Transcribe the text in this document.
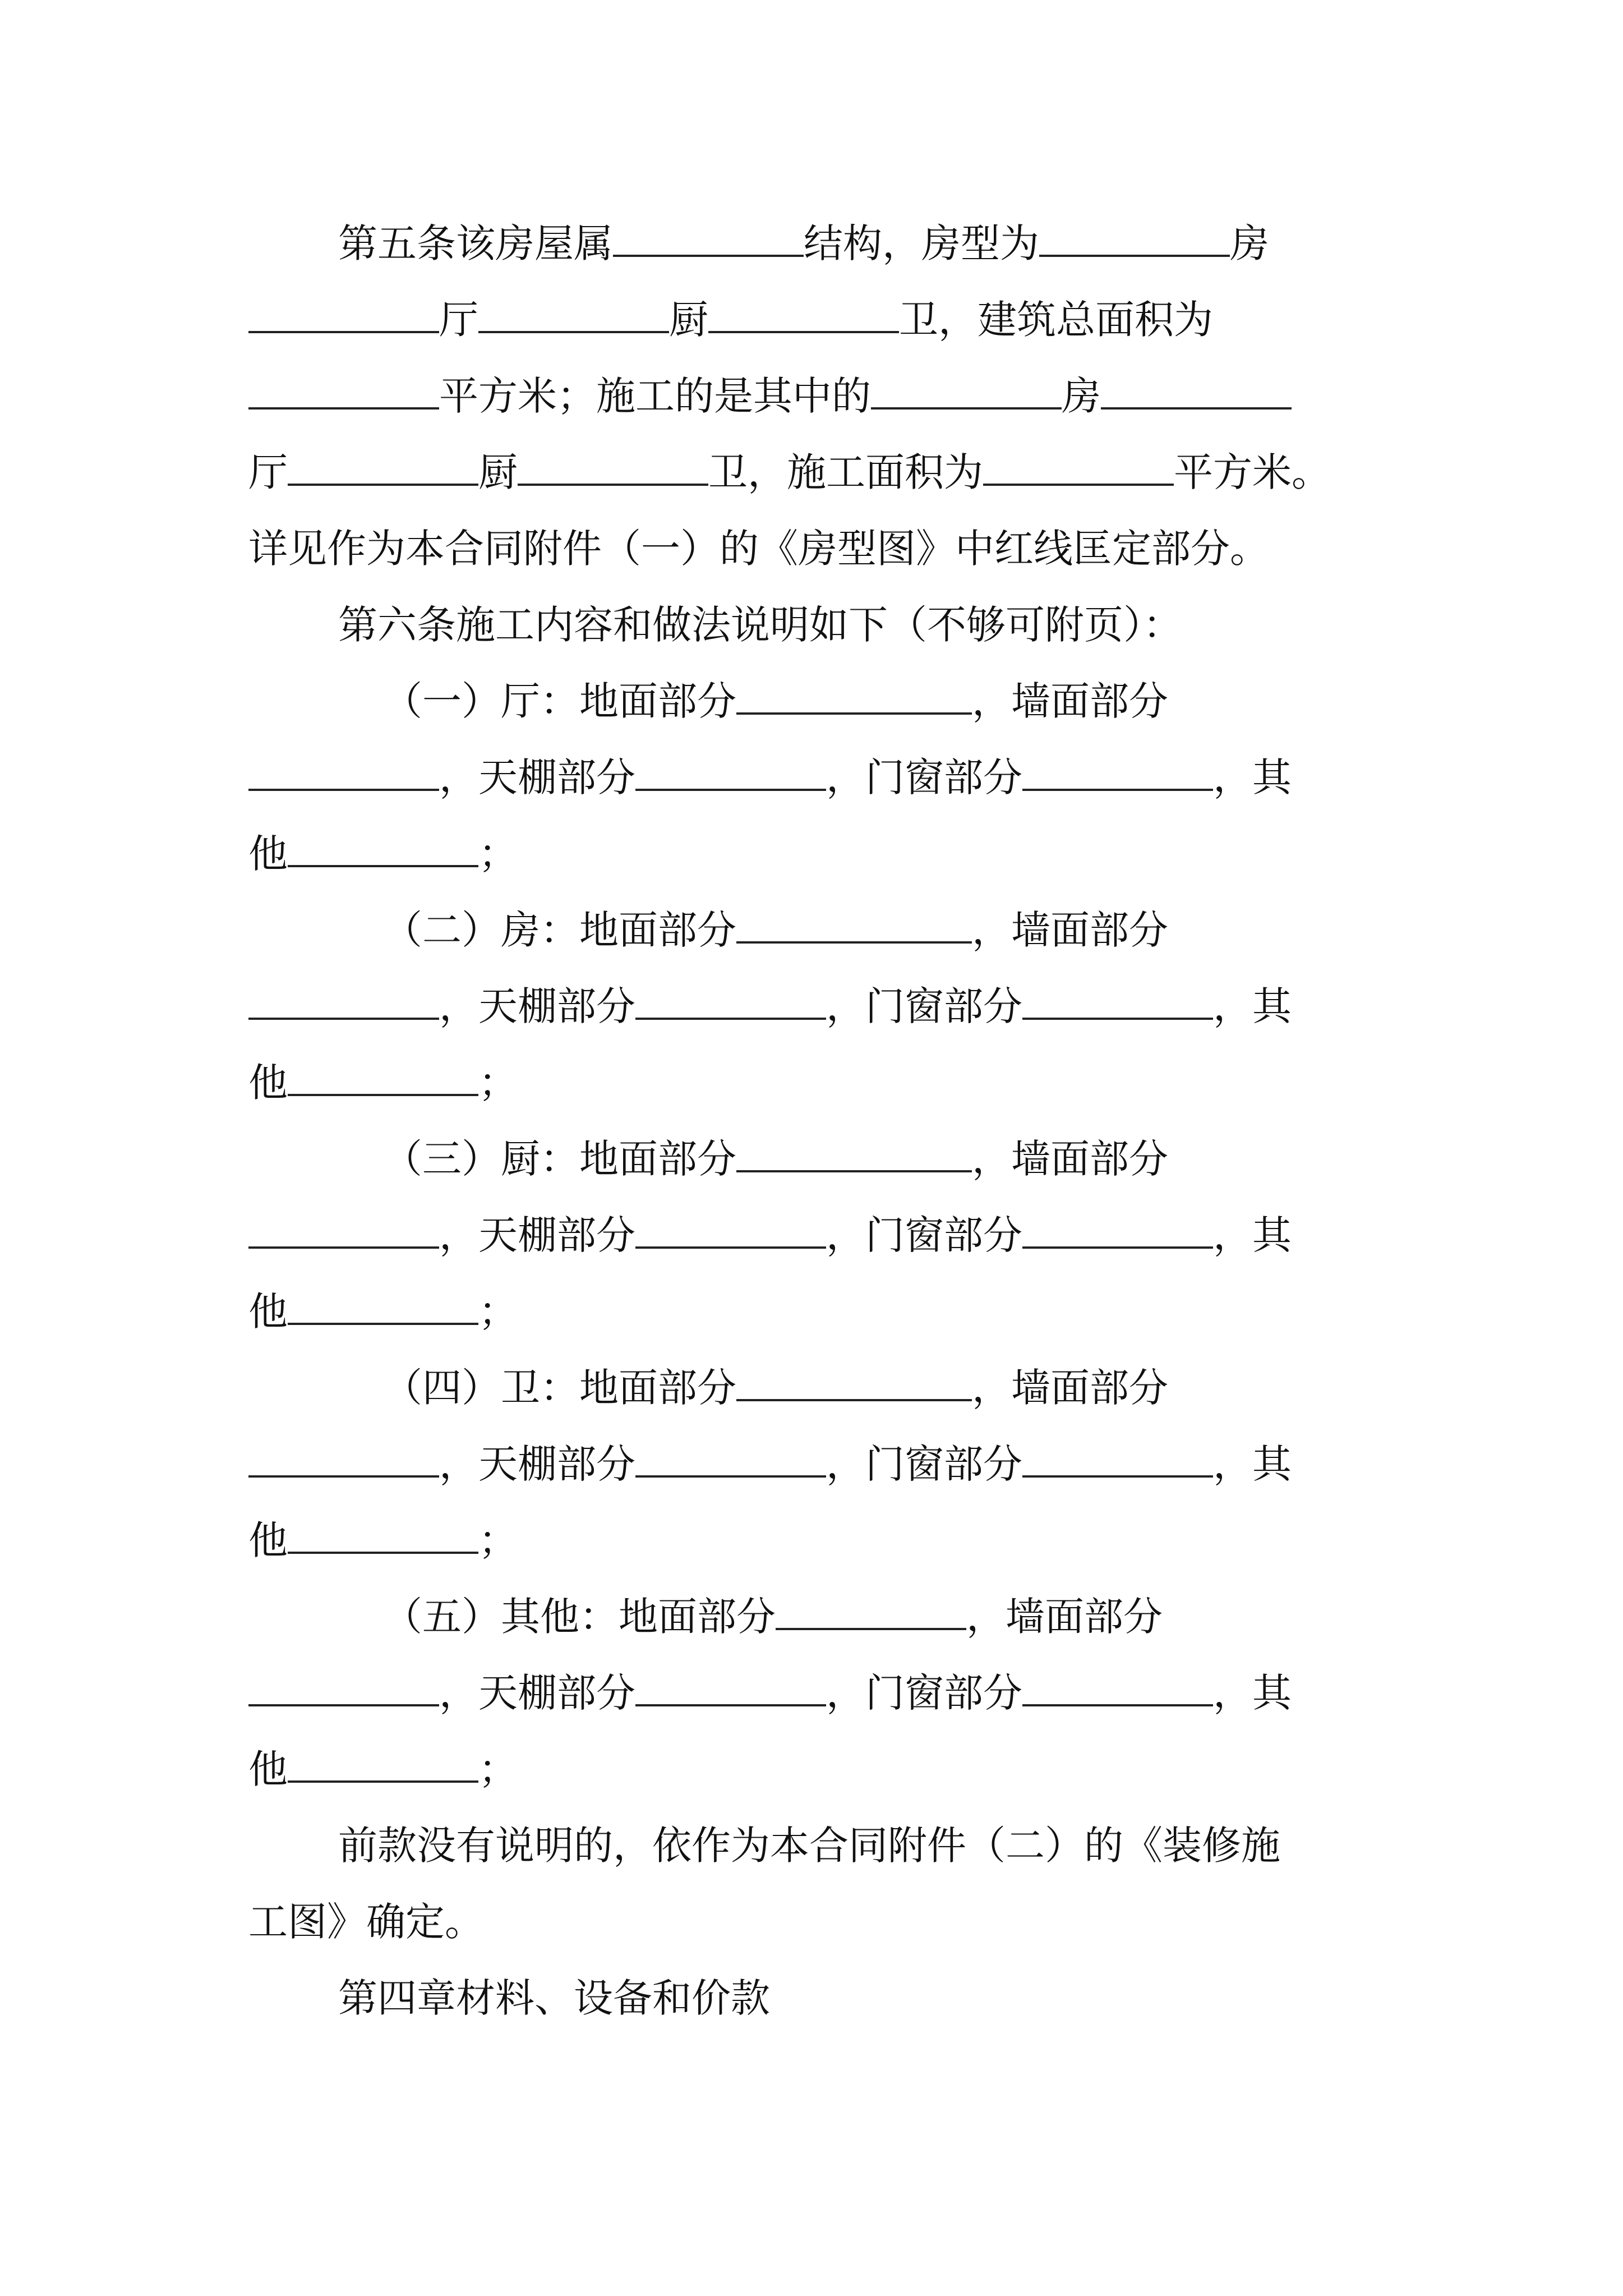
第五条该房屋属	结构，房型为	房
厅	厨	卫，建筑总面积为
平方米；施工的是其中的	房
厅	厨	卫，施工面积为	平方米。
详见作为本合同附件（一）的《房型图》中红线匡定部分。
第六条施工内容和做法说明如下（不够可附页）：
（一）厅：地面部分	，墙面部分
，天棚部分	，门窗部分	，其
他	；
（二）房：地面部分	，墙面部分
，天棚部分	，门窗部分	，其
他	；
（三）厨：地面部分	，墙面部分
，天棚部分	，门窗部分	，其
他	；
（四）卫：地面部分	，墙面部分
，天棚部分	，门窗部分	，其
他	；
（五）其他：地面部分	，墙面部分
，天棚部分	，门窗部分	，其
他	；
前款没有说明的，依作为本合同附件（二）的《装修施
工图》确定。
第四章材料、设备和价款
